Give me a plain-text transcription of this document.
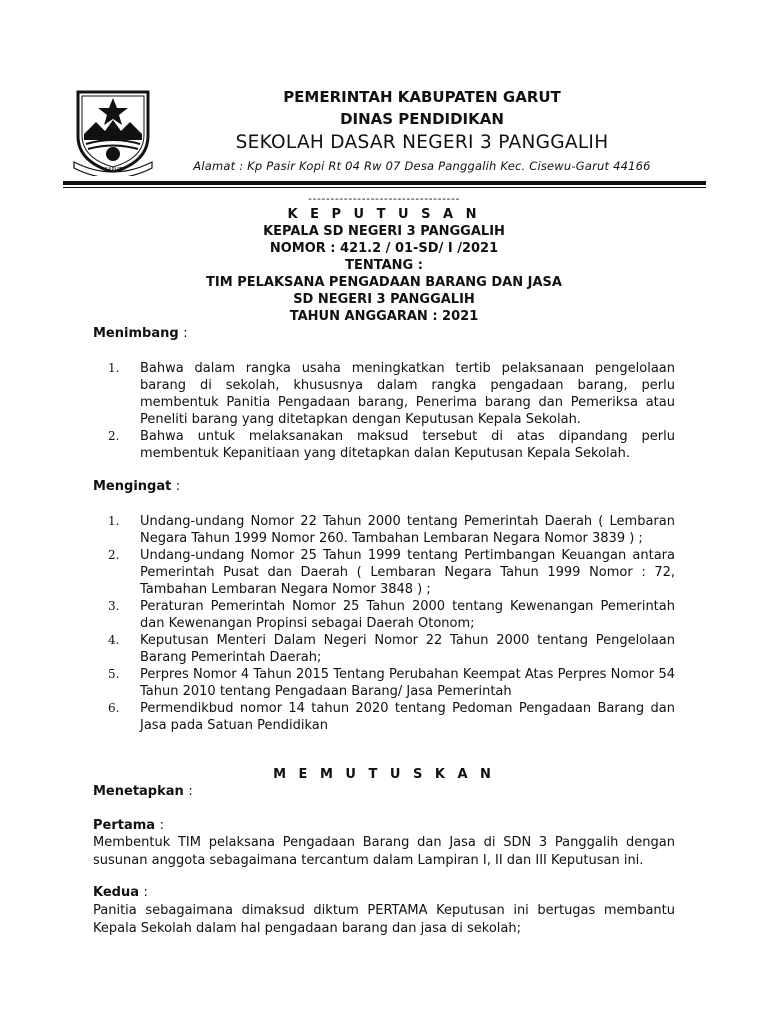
GARUT
PEMERINTAH KABUPATEN GARUT
DINAS PENDIDIKAN
SEKOLAH DASAR NEGERI 3 PANGGALIH
Alamat : Kp Pasir Kopi Rt 04 Rw 07 Desa Panggalih Kec. Cisewu-Garut 44166
----------------------------------
K E P U T U S A N
KEPALA SD NEGERI 3 PANGGALIH
NOMOR : 421.2 / 01-SD/ I /2021
TENTANG :
TIM PELAKSANA PENGADAAN BARANG DAN JASA
SD NEGERI 3 PANGGALIH
TAHUN ANGGARAN : 2021
Menimbang :
1.	Bahwa dalam rangka usaha meningkatkan tertib pelaksanaan pengelolaan barang di sekolah, khususnya dalam rangka pengadaan barang, perlu membentuk Panitia Pengadaan barang, Penerima barang dan Pemeriksa atau Peneliti barang yang ditetapkan dengan Keputusan Kepala Sekolah.
2.	Bahwa untuk melaksanakan maksud tersebut di atas dipandang perlu membentuk Kepanitiaan yang ditetapkan dalan Keputusan Kepala Sekolah.
Mengingat :
1.	Undang-undang Nomor 22 Tahun 2000 tentang Pemerintah Daerah ( Lembaran Negara Tahun 1999 Nomor 260. Tambahan Lembaran Negara Nomor 3839 ) ;
2.	Undang-undang Nomor 25 Tahun 1999 tentang Pertimbangan Keuangan antara Pemerintah Pusat dan Daerah ( Lembaran Negara Tahun 1999 Nomor : 72, Tambahan Lembaran Negara Nomor 3848 ) ;
3.	Peraturan Pemerintah Nomor 25 Tahun 2000 tentang Kewenangan Pemerintah dan Kewenangan Propinsi sebagai Daerah Otonom;
4.	Keputusan Menteri Dalam Negeri Nomor 22 Tahun 2000 tentang Pengelolaan Barang Pemerintah Daerah;
5.	Perpres Nomor 4 Tahun 2015 Tentang Perubahan Keempat Atas Perpres Nomor 54 Tahun 2010 tentang Pengadaan Barang/ Jasa Pemerintah
6.	Permendikbud nomor 14 tahun 2020 tentang Pedoman Pengadaan Barang dan Jasa pada Satuan Pendidikan
M E M U T U S K A N
Menetapkan :
Pertama :
Membentuk TIM pelaksana Pengadaan Barang dan Jasa di SDN 3 Panggalih dengan susunan anggota sebagaimana tercantum dalam Lampiran I, II dan III Keputusan ini.
Kedua :
Panitia sebagaimana dimaksud diktum PERTAMA Keputusan ini bertugas membantu Kepala Sekolah dalam hal pengadaan barang dan jasa di sekolah;
